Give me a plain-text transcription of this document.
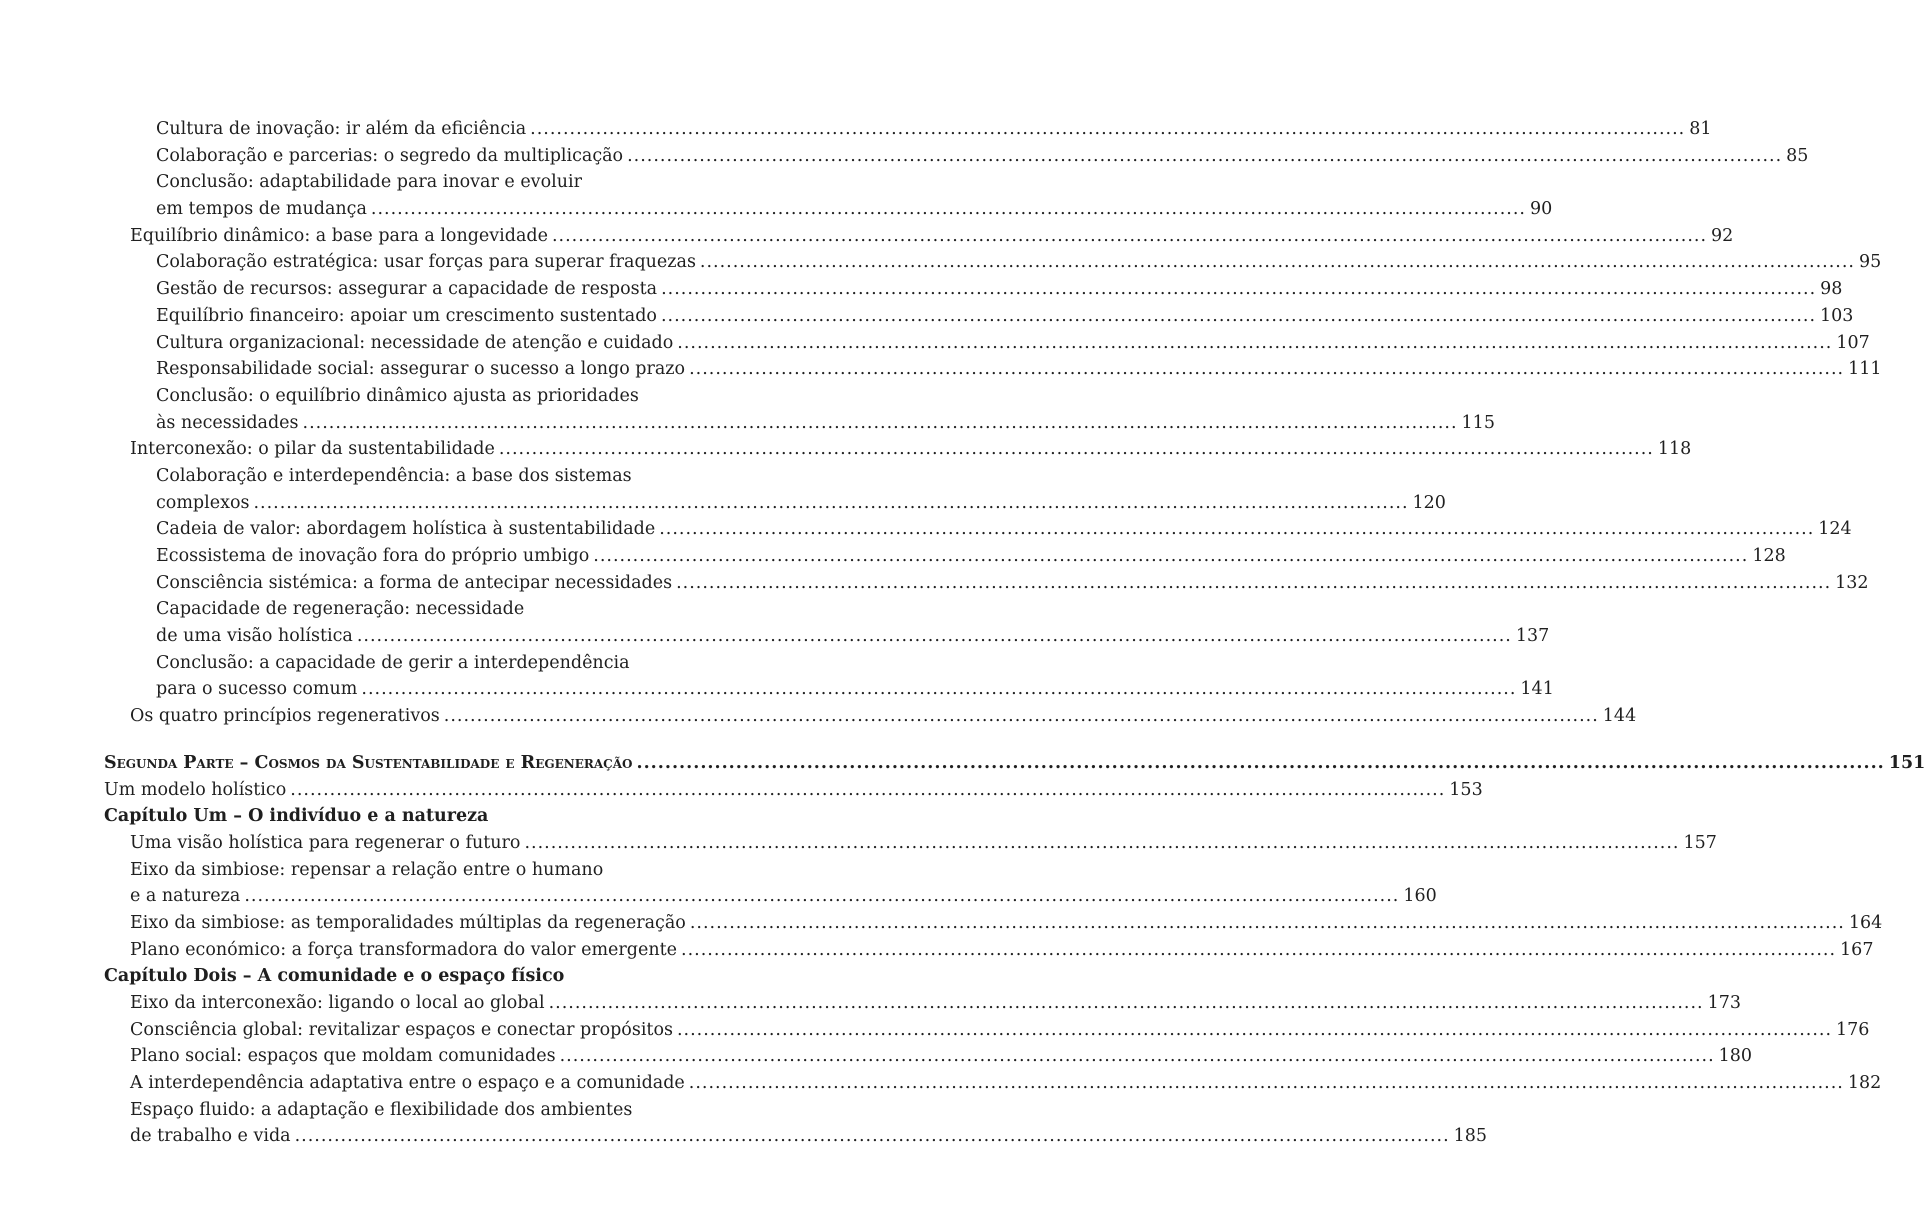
Cultura de inovação: ir além da eficiência .....	81
Colaboração e parcerias: o segredo da multiplicação .....	85
Conclusão: adaptabilidade para inovar e evoluir
em tempos de mudança .....	90
Equilíbrio dinâmico: a base para a longevidade .....	92
Colaboração estratégica: usar forças para superar fraquezas .....	95
Gestão de recursos: assegurar a capacidade de resposta .....	98
Equilíbrio financeiro: apoiar um crescimento sustentado .....	103
Cultura organizacional: necessidade de atenção e cuidado .....	107
Responsabilidade social: assegurar o sucesso a longo prazo .....	111
Conclusão: o equilíbrio dinâmico ajusta as prioridades
às necessidades .....	115
Interconexão: o pilar da sustentabilidade .....	118
Colaboração e interdependência: a base dos sistemas
complexos .....	120
Cadeia de valor: abordagem holística à sustentabilidade .....	124
Ecossistema de inovação fora do próprio umbigo .....	128
Consciência sistémica: a forma de antecipar necessidades .....	132
Capacidade de regeneração: necessidade
de uma visão holística .....	137
Conclusão: a capacidade de gerir a interdependência
para o sucesso comum .....	141
Os quatro princípios regenerativos .....	144
Segunda Parte – Cosmos da Sustentabilidade e Regeneração .....	151
Um modelo holístico .....	153
Capítulo Um – O indivíduo e a natureza
Uma visão holística para regenerar o futuro .....	157
Eixo da simbiose: repensar a relação entre o humano
e a natureza .....	160
Eixo da simbiose: as temporalidades múltiplas da regeneração .....	164
Plano económico: a força transformadora do valor emergente .....	167
Capítulo Dois – A comunidade e o espaço físico
Eixo da interconexão: ligando o local ao global .....	173
Consciência global: revitalizar espaços e conectar propósitos .....	176
Plano social: espaços que moldam comunidades .....	180
A interdependência adaptativa entre o espaço e a comunidade .....	182
Espaço fluido: a adaptação e flexibilidade dos ambientes
de trabalho e vida .....	185
